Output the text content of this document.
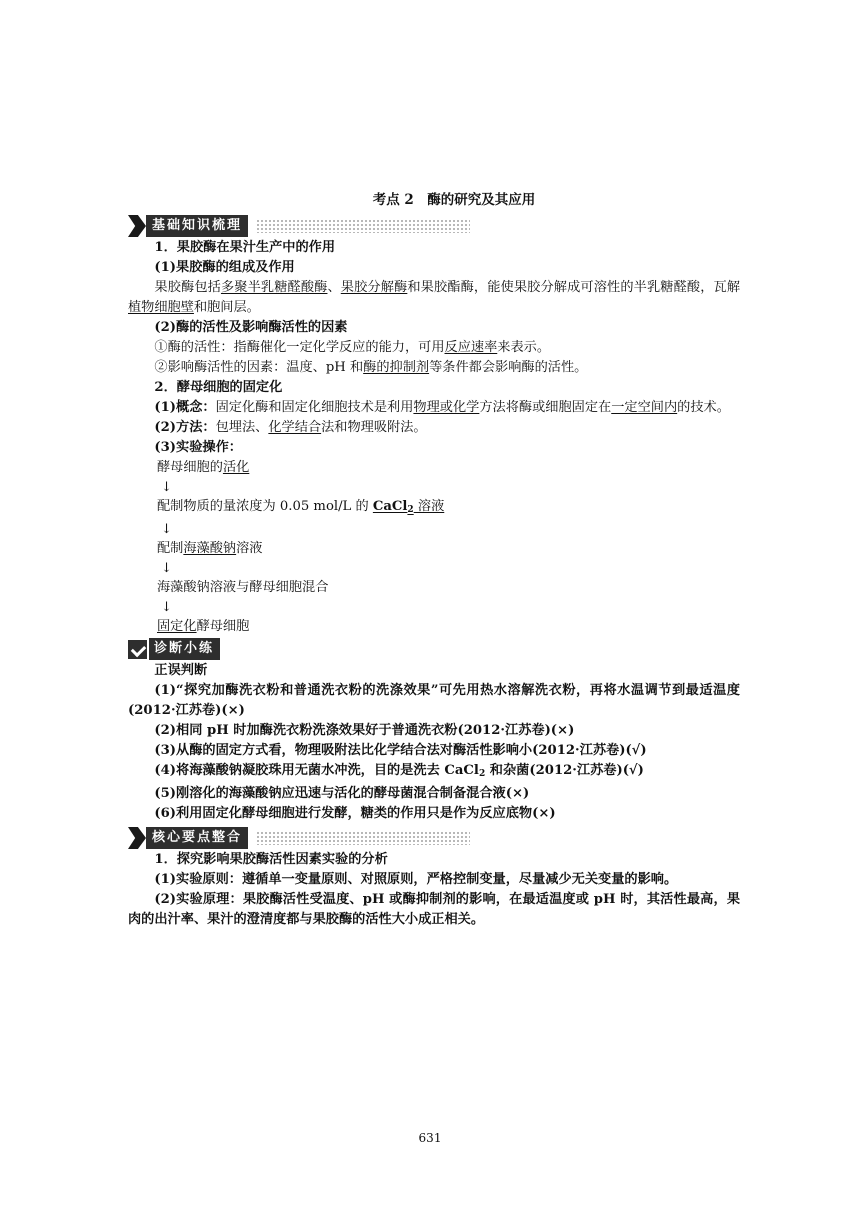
考点 2　酶的研究及其应用
基础知识梳理
1．果胶酶在果汁生产中的作用
(1)果胶酶的组成及作用
果胶酶包括多聚半乳糖醛酸酶、果胶分解酶和果胶酯酶，能使果胶分解成可溶性的半乳糖醛酸，瓦解植物细胞壁和胞间层。
(2)酶的活性及影响酶活性的因素
①酶的活性：指酶催化一定化学反应的能力，可用反应速率来表示。
②影响酶活性的因素：温度、pH 和酶的抑制剂等条件都会影响酶的活性。
2．酵母细胞的固定化
(1)概念：固定化酶和固定化细胞技术是利用物理或化学方法将酶或细胞固定在一定空间内的技术。
(2)方法：包埋法、化学结合法和物理吸附法。
(3)实验操作：
酵母细胞的活化
↓
配制物质的量浓度为 0.05 mol/L 的 CaCl$_2$ 溶液
↓
配制海藻酸钠溶液
↓
海藻酸钠溶液与酵母细胞混合
↓
固定化酵母细胞
诊断小练
正误判断
(1)“探究加酶洗衣粉和普通洗衣粉的洗涤效果”可先用热水溶解洗衣粉，再将水温调节到最适温度(2012·江苏卷)(×)
(2)相同 pH 时加酶洗衣粉洗涤效果好于普通洗衣粉(2012·江苏卷)(×)
(3)从酶的固定方式看，物理吸附法比化学结合法对酶活性影响小(2012·江苏卷)(√)
(4)将海藻酸钠凝胶珠用无菌水冲洗，目的是洗去 CaCl$_2$ 和杂菌(2012·江苏卷)(√)
(5)刚溶化的海藻酸钠应迅速与活化的酵母菌混合制备混合液(×)
(6)利用固定化酵母细胞进行发酵，糖类的作用只是作为反应底物(×)
核心要点整合
1．探究影响果胶酶活性因素实验的分析
(1)实验原则：遵循单一变量原则、对照原则，严格控制变量，尽量减少无关变量的影响。
(2)实验原理：果胶酶活性受温度、pH 或酶抑制剂的影响，在最适温度或 pH 时，其活性最高，果肉的出汁率、果汁的澄清度都与果胶酶的活性大小成正相关。
631
